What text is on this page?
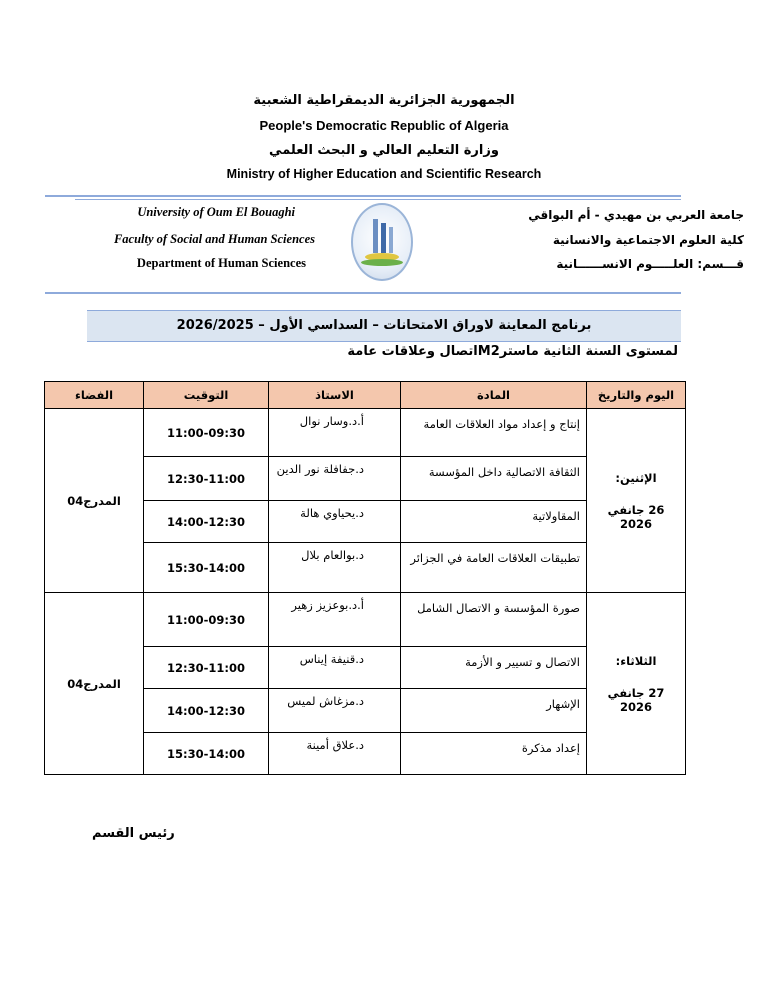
الجمهورية الجزائرية الديمقراطية الشعبية
People's Democratic Republic of Algeria
وزارة التعليم العالي و البحث العلمي
Ministry of Higher Education and Scientific Research
University of Oum El Bouaghi
Faculty of Social and Human Sciences
Department of Human Sciences
جامعة العربي بن مهيدي - أم البواقي
كلية العلوم الاجتماعية والانسانية
قـــسم: العلـــــوم الانســــــانية
برنامج المعاينة لاوراق الامتحانات – السداسي الأول – 2026/2025
لمستوى السنة الثانية ماسترM2اتصال وعلاقات عامة
اليوم والتاريخ	المادة	الاستاذ	التوقيت	الفضاء

الإثنين:
26 جانفي 2026	إنتاج و إعداد مواد العلاقات العامة	أ.د.وسار نوال	11:00-09:30	المدرج04
	الثقافة الاتصالية داخل المؤسسة	د.جفافلة نور الدين	12:30-11:00	
	المقاولاتية	د.يحياوي هالة	14:00-12:30	
	تطبيقات العلاقات العامة في الجزائر	د.بوالعام بلال	15:30-14:00	

الثلاثاء:
27 جانفي 2026	صورة المؤسسة و الاتصال الشامل	أ.د.بوعزيز زهير	11:00-09:30	المدرج04
	الاتصال و تسيير و الأزمة	د.قنيفة إيناس	12:30-11:00	
	الإشهار	د.مزغاش لميس	14:00-12:30	
	إعداد مذكرة	د.علاق أمينة	15:30-14:00	
رئيس القسم
